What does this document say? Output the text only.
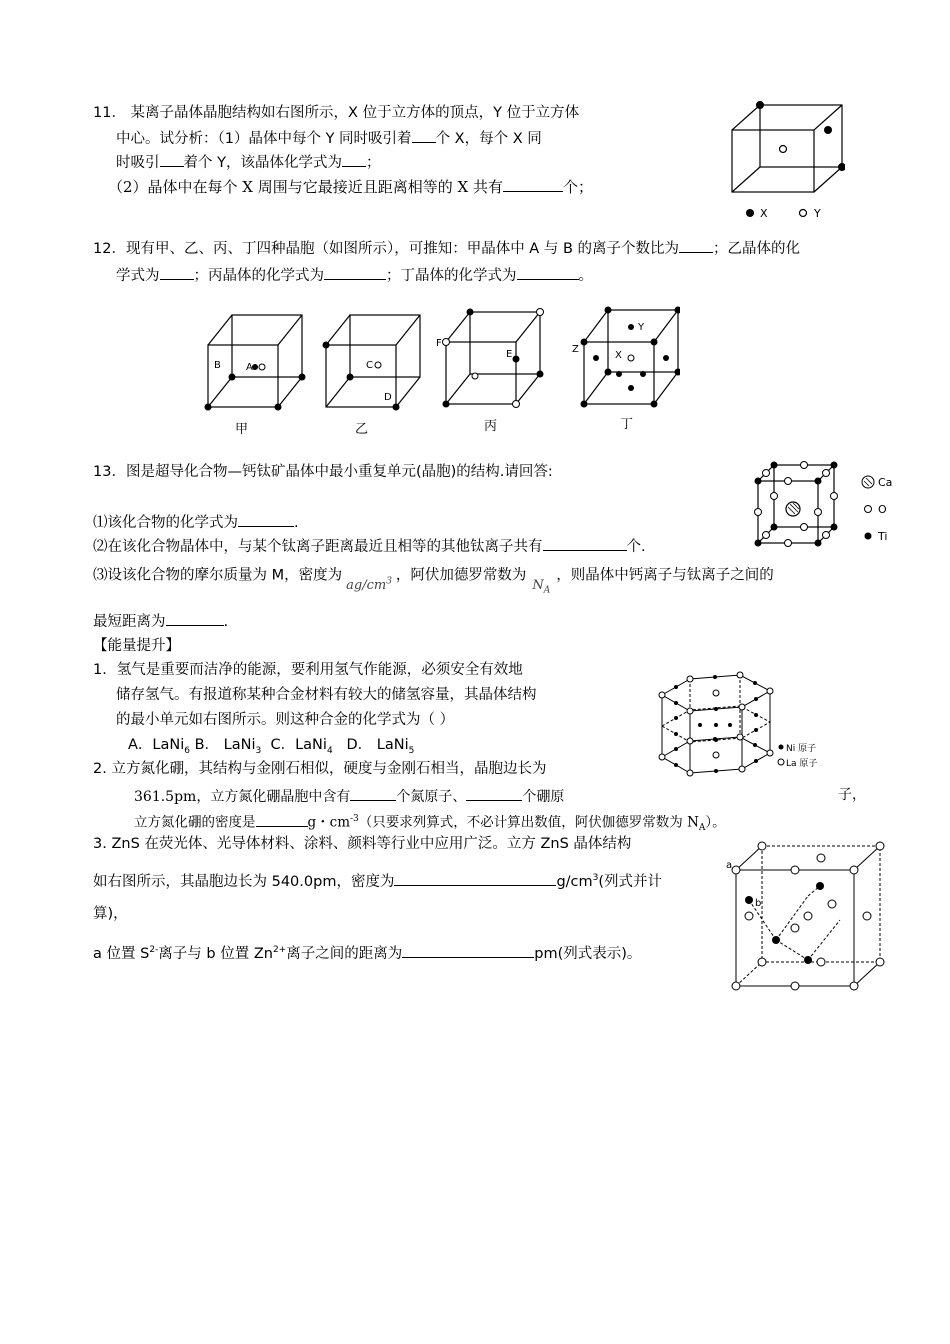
11． 某离子晶体晶胞结构如右图所示，X 位于立方体的顶点，Y 位于立方体
中心。试分析：（1）晶体中每个 Y 同时吸引着 个 X，每个 X 同
时吸引 着个 Y，该晶体化学式为 ；
（2）晶体中在每个 X 周围与它最接近且距离相等的 X 共有	个；
X	Y
12．现有甲、乙、丙、丁四种晶胞（如图所示），可推知：甲晶体中 A 与 B 的离子个数比为 ；乙晶体的化
学式为 ；丙晶体的化学式为	；丁晶体的化学式为	。
B	A
甲
C
D
乙
F
E
丙
Y
Z
X
丁
13．图是超导化合物—钙钛矿晶体中最小重复单元(晶胞)的结构.请回答:
⑴该化合物的化学式为	.
⑵在该化合物晶体中，与某个钛离子距离最近且相等的其他钛离子共有	个.
⑶设该化合物的摩尔质量为 M，密度为$ag/cm^3$ ，阿伏加德罗常数为$N_A$，则晶体中钙离子与钛离子之间的
最短距离为	.
Ca
O
Ti
【能量提升】
1．氢气是重要而洁净的能源，要利用氢气作能源，必须安全有效地
储存氢气。有报道称某种合金材料有较大的储氢容量，其晶体结构
的最小单元如右图所示。则这种合金的化学式为（ ）
A．LaNi$_6$ B． LaNi$_3$ C．LaNi$_4$ D． LaNi$_5$	Ni 原子
La 原子
2. 立方氮化硼，其结构与金刚石相似，硬度与金刚石相当，晶胞边长为
361.5pm，立方氮化硼晶胞中含有	个氮原子、	个硼原	子，
立方氮化硼的密度是	g・$cm^{-3}$（只要求列算式，不必计算出数值，阿伏伽德罗常数为 $N_A$）。
3. ZnS 在荧光体、光导体材料、涂料、颜料等行业中应用广泛。立方 ZnS 晶体结构
如右图所示，其晶胞边长为 540.0pm，密度为	$g/cm^3$(列式并计
算)，
a 位置 $S^{2-}$离子与 b 位置 $Zn^{2+}$离子之间的距离为	pm(列式表示)。
a
b
